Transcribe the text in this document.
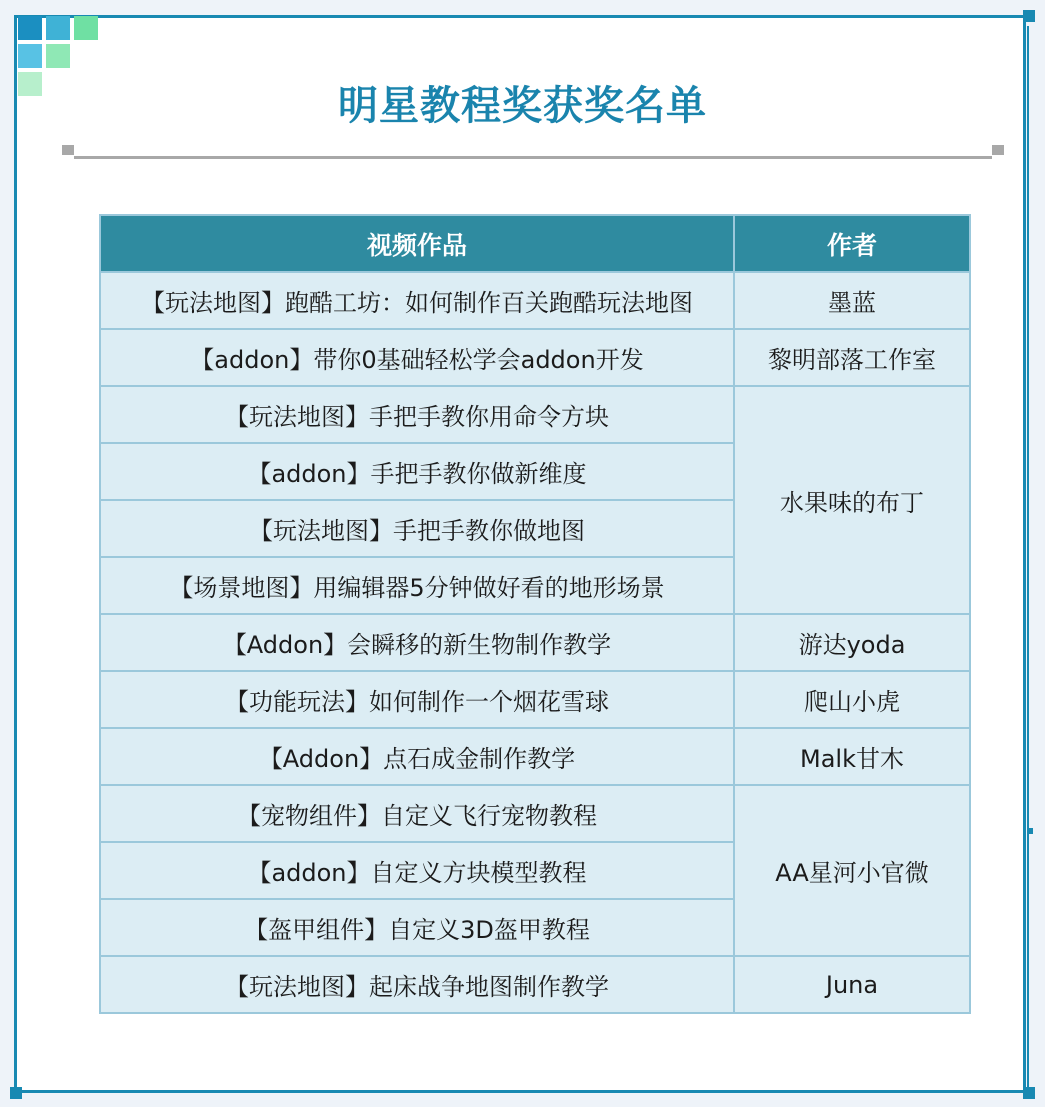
明星教程奖获奖名单
视频作品	作者
【玩法地图】跑酷工坊：如何制作百关跑酷玩法地图	墨蓝
【addon】带你0基础轻松学会addon开发	黎明部落工作室
【玩法地图】手把手教你用命令方块	水果味的布丁
【addon】手把手教你做新维度	
【玩法地图】手把手教你做地图	
【场景地图】用编辑器5分钟做好看的地形场景	
【Addon】会瞬移的新生物制作教学	游达yoda
【功能玩法】如何制作一个烟花雪球	爬山小虎
【Addon】点石成金制作教学	Malk甘木
【宠物组件】自定义飞行宠物教程	AA星河小官微
【addon】自定义方块模型教程	
【盔甲组件】自定义3D盔甲教程	
【玩法地图】起床战争地图制作教学	Juna
